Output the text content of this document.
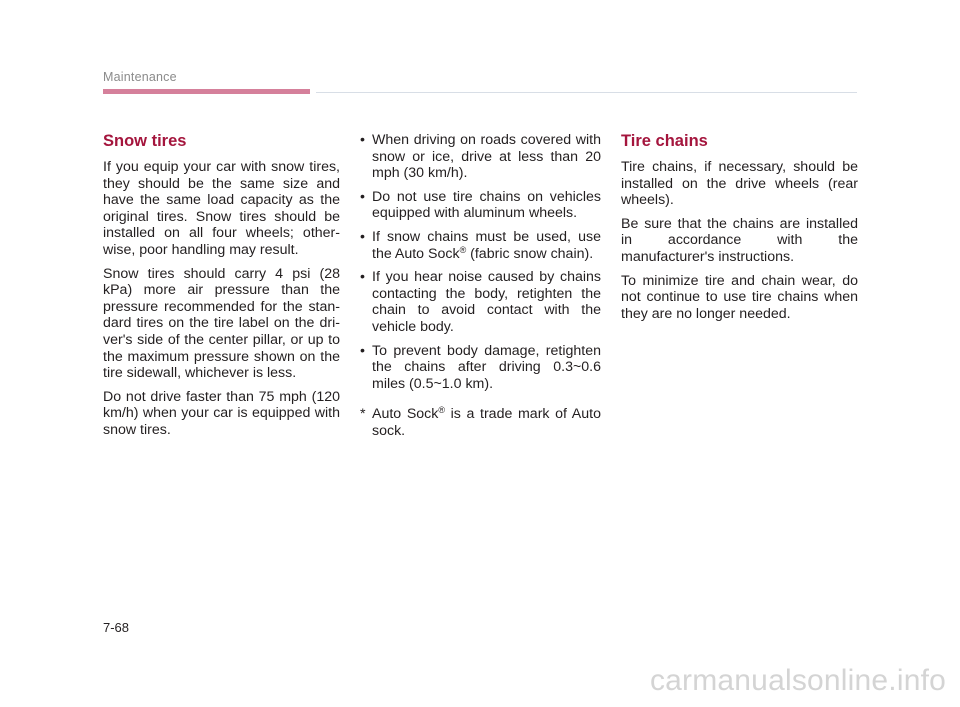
Maintenance
Snow tires

If you equip your car with snow tires, they should be the same size and have the same load capacity as the original tires. Snow tires should be installed on all four wheels; other-wise, poor handling may result.

Snow tires should carry 4 psi (28 kPa) more air pressure than the pressure recommended for the stan-dard tires on the tire label on the dri-ver's side of the center pillar, or up to the maximum pressure shown on the tire sidewall, whichever is less.

Do not drive faster than 75 mph (120 km/h) when your car is equipped with snow tires.

• When driving on roads covered with snow or ice, drive at less than 20 mph (30 km/h).
• Do not use tire chains on vehicles equipped with aluminum wheels.
• If snow chains must be used, use the Auto Sock® (fabric snow chain).
• If you hear noise caused by chains contacting the body, retighten the chain to avoid contact with the vehicle body.
• To prevent body damage, retighten the chains after driving 0.3~0.6 miles (0.5~1.0 km).
* Auto Sock® is a trade mark of Auto sock.
Tire chains

Tire chains, if necessary, should be installed on the drive wheels (rear wheels).

Be sure that the chains are installed in accordance with the manufacturer's instructions.

To minimize tire and chain wear, do not continue to use tire chains when they are no longer needed.

7-68
carmanualsonline.info
